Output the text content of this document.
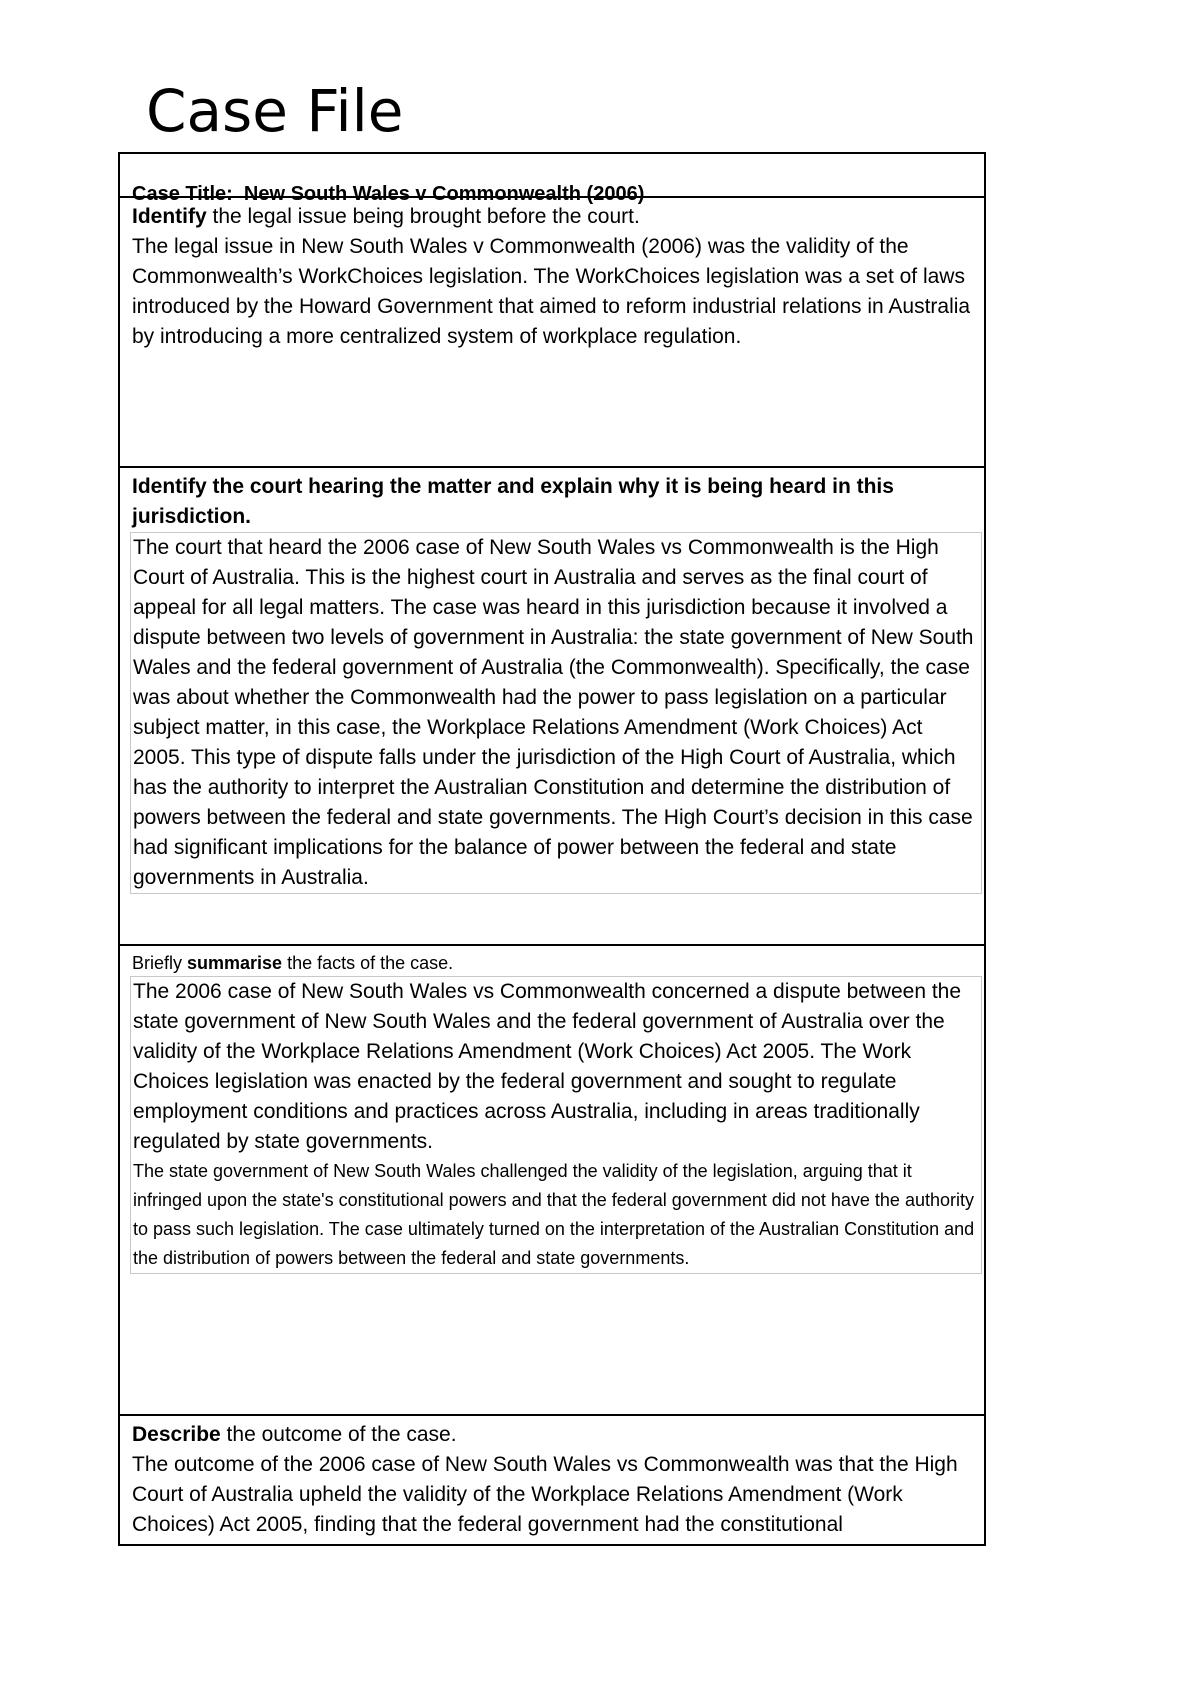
Case File

Case Title: New South Wales v Commonwealth (2006)

Identify the legal issue being brought before the court.

The legal issue in New South Wales v Commonwealth (2006) was the validity of the Commonwealth’s WorkChoices legislation. The WorkChoices legislation was a set of laws introduced by the Howard Government that aimed to reform industrial relations in Australia by introducing a more centralized system of workplace regulation.

Identify the court hearing the matter and explain why it is being heard in this jurisdiction.

The court that heard the 2006 case of New South Wales vs Commonwealth is the High Court of Australia. This is the highest court in Australia and serves as the final court of appeal for all legal matters. The case was heard in this jurisdiction because it involved a dispute between two levels of government in Australia: the state government of New South Wales and the federal government of Australia (the Commonwealth). Specifically, the case was about whether the Commonwealth had the power to pass legislation on a particular subject matter, in this case, the Workplace Relations Amendment (Work Choices) Act 2005. This type of dispute falls under the jurisdiction of the High Court of Australia, which has the authority to interpret the Australian Constitution and determine the distribution of powers between the federal and state governments. The High Court’s decision in this case had significant implications for the balance of power between the federal and state governments in Australia.

Briefly summarise the facts of the case.

The 2006 case of New South Wales vs Commonwealth concerned a dispute between the state government of New South Wales and the federal government of Australia over the validity of the Workplace Relations Amendment (Work Choices) Act 2005. The Work Choices legislation was enacted by the federal government and sought to regulate employment conditions and practices across Australia, including in areas traditionally regulated by state governments.

The state government of New South Wales challenged the validity of the legislation, arguing that it infringed upon the state's constitutional powers and that the federal government did not have the authority to pass such legislation. The case ultimately turned on the interpretation of the Australian Constitution and the distribution of powers between the federal and state governments.

Describe the outcome of the case.

The outcome of the 2006 case of New South Wales vs Commonwealth was that the High Court of Australia upheld the validity of the Workplace Relations Amendment (Work Choices) Act 2005, finding that the federal government had the constitutional
